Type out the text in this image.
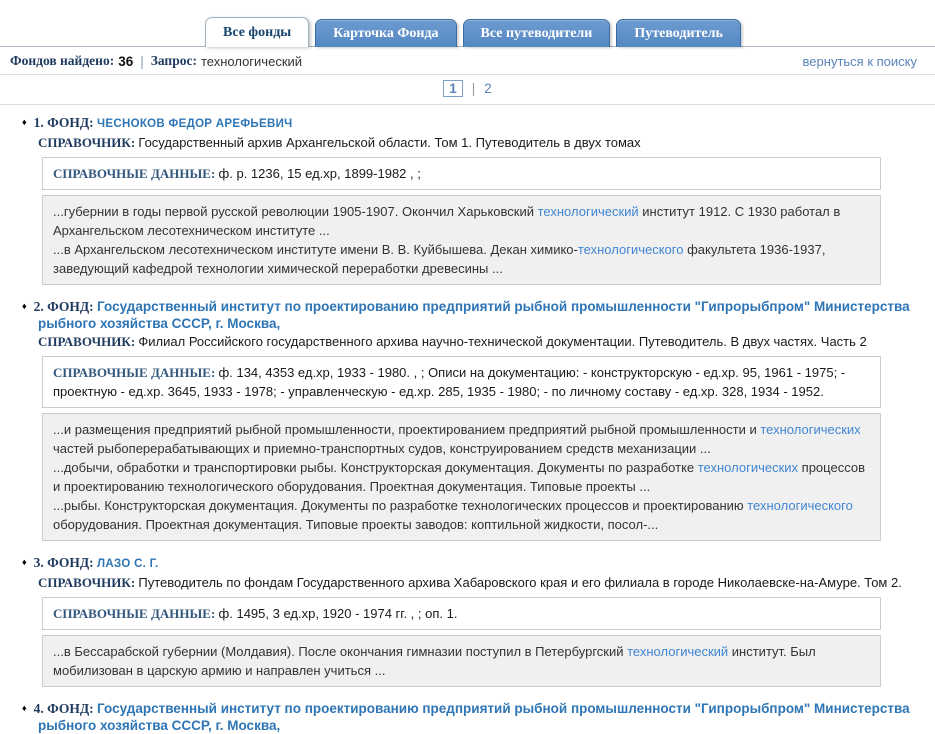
Все фонды	Карточка Фонда	Все путеводители	Путеводитель
Фондов найдено: 36 | Запрос: технологический	вернуться к поиску
1	| 2
♦ 1. ФОНД: ЧЕСНОКОВ ФЕДОР АРЕФЬЕВИЧ
СПРАВОЧНИК: Государственный архив Архангельской области. Том 1. Путеводитель в двух томах
СПРАВОЧНЫЕ ДАННЫЕ: ф. р. 1236, 15 ед.хр, 1899-1982 , ;
...губернии в годы первой русской революции 1905-1907. Окончил Харьковский технологический институт 1912. С 1930 работал в Архангельском лесотехническом институте ...
...в Архангельском лесотехническом институте имени В. В. Куйбышева. Декан химико-технологического факультета 1936-1937, заведующий кафедрой технологии химической переработки древесины ...
♦ 2. ФОНД: Государственный институт по проектированию предприятий рыбной промышленности "Гипрорыбпром" Министерства рыбного хозяйства СССР, г. Москва,
СПРАВОЧНИК: Филиал Российского государственного архива научно-технической документации. Путеводитель. В двух частях. Часть 2
СПРАВОЧНЫЕ ДАННЫЕ: ф. 134, 4353 ед.хр, 1933 - 1980. , ; Описи на документацию: - конструкторскую - ед.хр. 95, 1961 - 1975; - проектную - ед.хр. 3645, 1933 - 1978; - управленческую - ед.хр. 285, 1935 - 1980; - по личному составу - ед.хр. 328, 1934 - 1952.
...и размещения предприятий рыбной промышленности, проектированием предприятий рыбной промышленности и технологических частей рыбоперерабатывающих и приемно-транспортных судов, конструированием средств механизации ...
...добычи, обработки и транспортировки рыбы. Конструкторская документация. Документы по разработке технологических процессов и проектированию технологического оборудования. Проектная документация. Типовые проекты ...
...рыбы. Конструкторская документация. Документы по разработке технологических процессов и проектированию технологического оборудования. Проектная документация. Типовые проекты заводов: коптильной жидкости, посол-...
♦ 3. ФОНД: ЛАЗО С. Г.
СПРАВОЧНИК: Путеводитель по фондам Государственного архива Хабаровского края и его филиала в городе Николаевске-на-Амуре. Том 2.
СПРАВОЧНЫЕ ДАННЫЕ: ф. 1495, 3 ед.хр, 1920 - 1974 гг. , ; оп. 1.
...в Бессарабской губернии (Молдавия). После окончания гимназии поступил в Петербургский технологический институт. Был мобилизован в царскую армию и направлен учиться ...
♦ 4. ФОНД: Государственный институт по проектированию предприятий рыбной промышленности "Гипрорыбпром" Министерства рыбного хозяйства СССР, г. Москва,
